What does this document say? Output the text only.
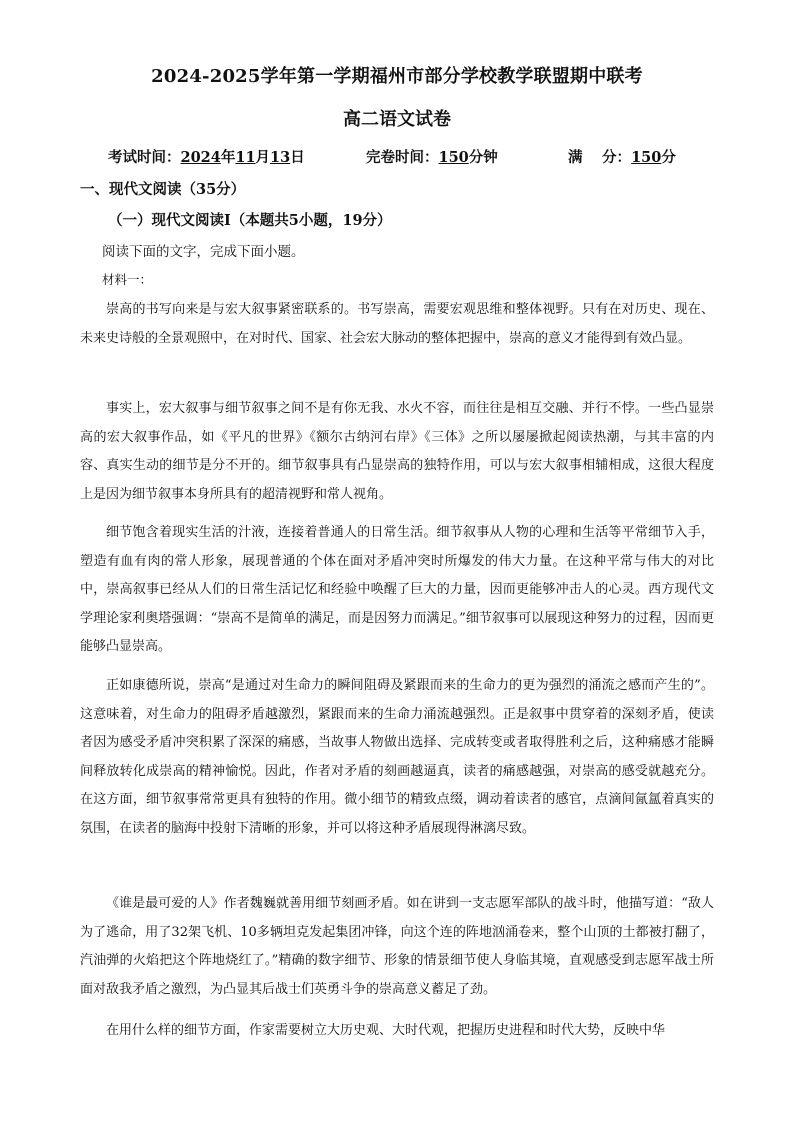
2024-2025学年第一学期福州市部分学校教学联盟期中联考
高二语文试卷
考试时间：2024年11月13日	完卷时间：150分钟	满　 分：150分
一、现代文阅读（35分）
（一）现代文阅读Ⅰ（本题共5小题，19分）
阅读下面的文字，完成下面小题。
材料一：
崇高的书写向来是与宏大叙事紧密联系的。书写崇高，需要宏观思维和整体视野。只有在对历史、现在、未来史诗般的全景观照中，在对时代、国家、社会宏大脉动的整体把握中，崇高的意义才能得到有效凸显。
事实上，宏大叙事与细节叙事之间不是有你无我、水火不容，而往往是相互交融、并行不悖。一些凸显崇高的宏大叙事作品，如《平凡的世界》《额尔古纳河右岸》《三体》之所以屡屡掀起阅读热潮，与其丰富的内容、真实生动的细节是分不开的。细节叙事具有凸显崇高的独特作用，可以与宏大叙事相辅相成，这很大程度上是因为细节叙事本身所具有的超清视野和常人视角。
细节饱含着现实生活的汁液，连接着普通人的日常生活。细节叙事从人物的心理和生活等平常细节入手，塑造有血有肉的常人形象，展现普通的个体在面对矛盾冲突时所爆发的伟大力量。在这种平常与伟大的对比中，崇高叙事已经从人们的日常生活记忆和经验中唤醒了巨大的力量，因而更能够冲击人的心灵。西方现代文学理论家利奥塔强调：“崇高不是简单的满足，而是因努力而满足。”细节叙事可以展现这种努力的过程，因而更能够凸显崇高。
正如康德所说，崇高“是通过对生命力的瞬间阻碍及紧跟而来的生命力的更为强烈的涌流之感而产生的”。这意味着，对生命力的阻碍矛盾越激烈，紧跟而来的生命力涌流越强烈。正是叙事中贯穿着的深刻矛盾，使读者因为感受矛盾冲突积累了深深的痛感，当故事人物做出选择、完成转变或者取得胜利之后，这种痛感才能瞬间释放转化成崇高的精神愉悦。因此，作者对矛盾的刻画越逼真，读者的痛感越强，对崇高的感受就越充分。在这方面，细节叙事常常更具有独特的作用。微小细节的精致点缀，调动着读者的感官，点滴间氤氲着真实的氛围，在读者的脑海中投射下清晰的形象，并可以将这种矛盾展现得淋漓尽致。
《谁是最可爱的人》作者魏巍就善用细节刻画矛盾。如在讲到一支志愿军部队的战斗时，他描写道：“敌人为了逃命，用了32架飞机、10多辆坦克发起集团冲锋，向这个连的阵地汹涌卷来，整个山顶的土都被打翻了，汽油弹的火焰把这个阵地烧红了。”精确的数字细节、形象的情景细节使人身临其境，直观感受到志愿军战士所面对敌我矛盾之激烈，为凸显其后战士们英勇斗争的崇高意义蓄足了劲。
在用什么样的细节方面，作家需要树立大历史观、大时代观，把握历史进程和时代大势，反映中华
